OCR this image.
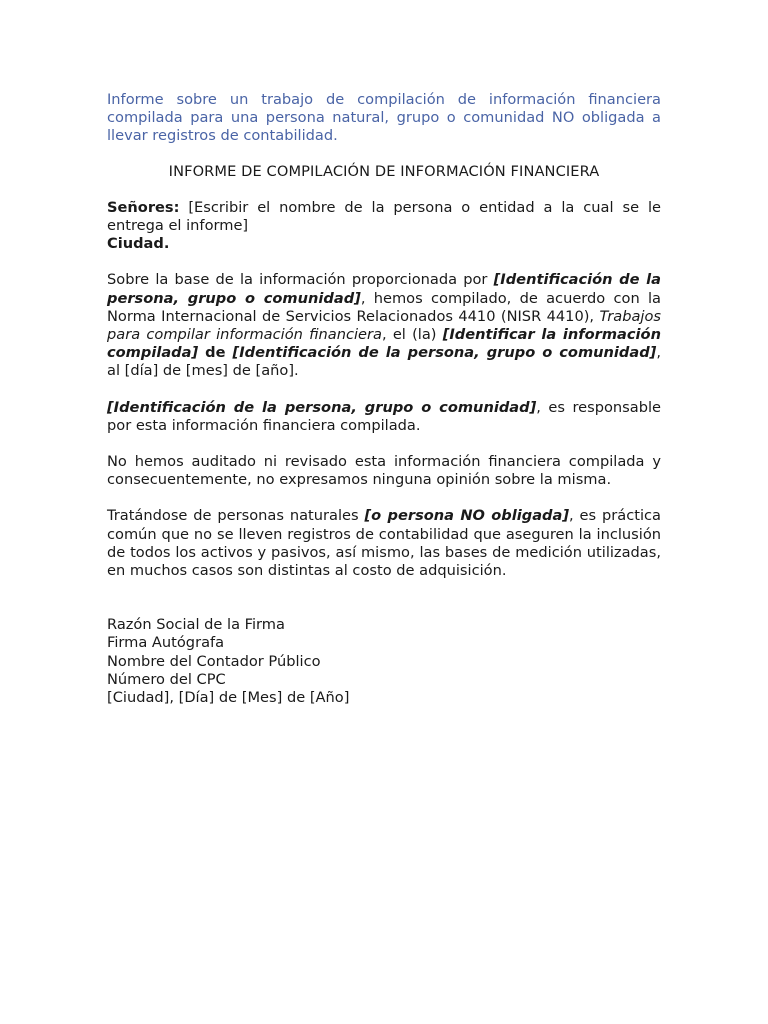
Informe sobre un trabajo de compilación de información financiera compilada para una persona natural, grupo o comunidad NO obligada a llevar registros de contabilidad.

INFORME DE COMPILACIÓN DE INFORMACIÓN FINANCIERA

Señores: [Escribir el nombre de la persona o entidad a la cual se le entrega el informe]

Ciudad.

Sobre la base de la información proporcionada por [Identificación de la persona, grupo o comunidad], hemos compilado, de acuerdo con la Norma Internacional de Servicios Relacionados 4410 (NISR 4410), Trabajos para compilar información financiera, el (la) [Identificar la información compilada] de [Identificación de la persona, grupo o comunidad], al [día] de [mes] de [año].

[Identificación de la persona, grupo o comunidad], es responsable por esta información financiera compilada.

No hemos auditado ni revisado esta información financiera compilada y consecuentemente, no expresamos ninguna opinión sobre la misma.

Tratándose de personas naturales [o persona NO obligada], es práctica común que no se lleven registros de contabilidad que aseguren la inclusión de todos los activos y pasivos, así mismo, las bases de medición utilizadas, en muchos casos son distintas al costo de adquisición.

Razón Social de la Firma

Firma Autógrafa

Nombre del Contador Público

Número del CPC

[Ciudad], [Día] de [Mes] de [Año]
